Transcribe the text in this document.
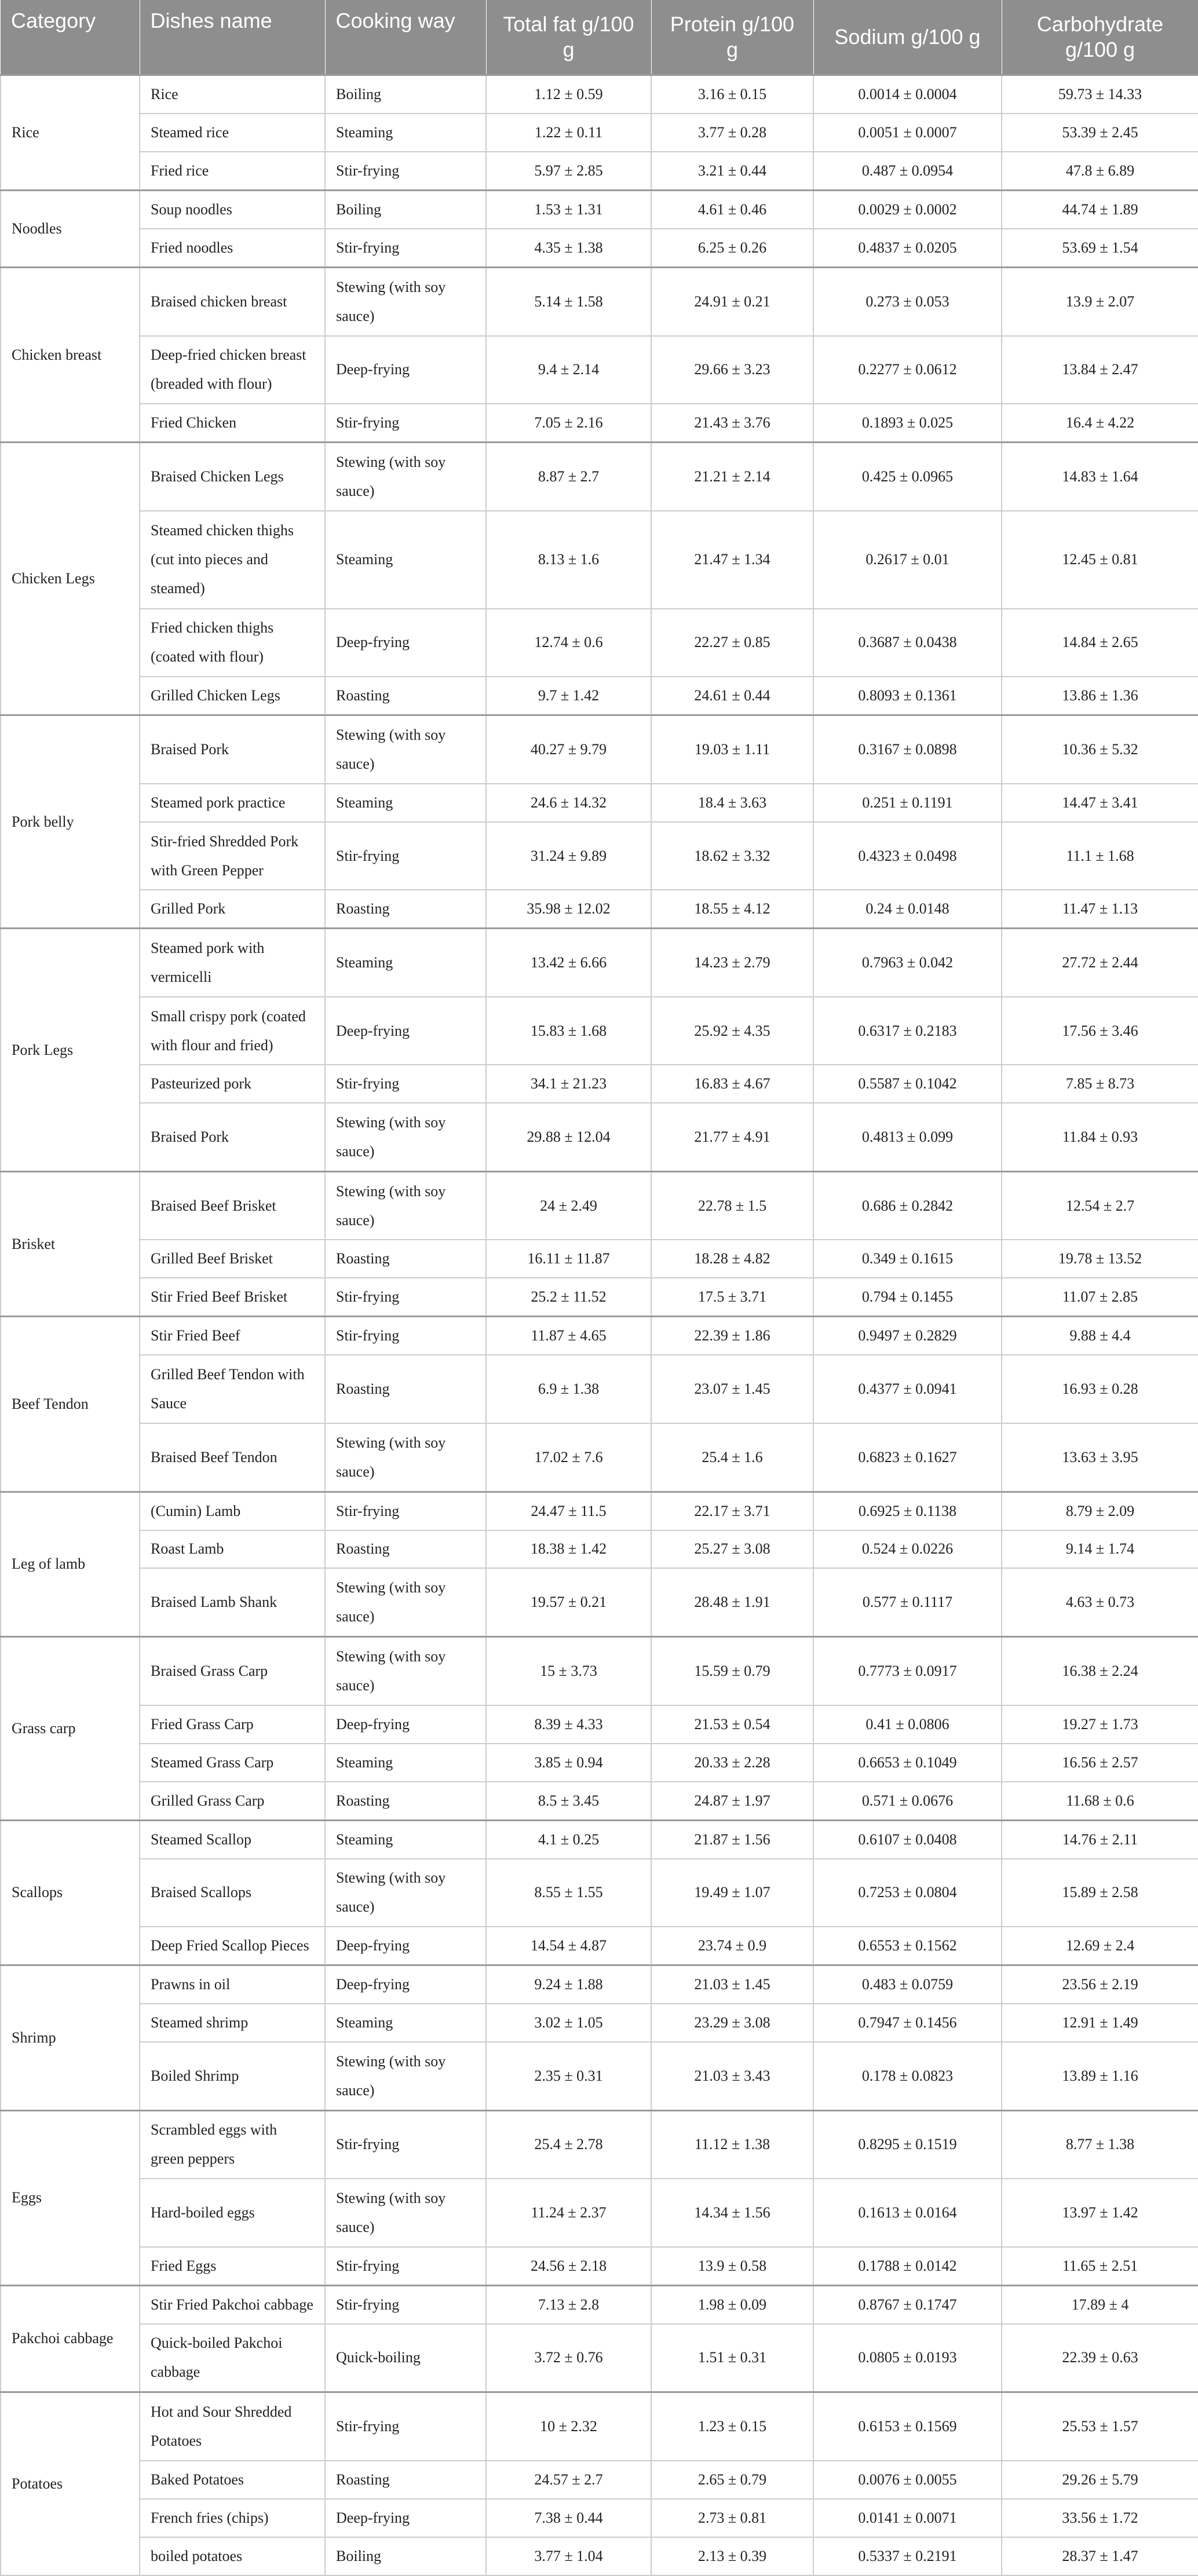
Category	Dishes name	Cooking way	Total fat g/100 g	Protein g/100 g	Sodium g/100 g	Carbohydrate g/100 g
Rice	Rice	Boiling	1.12 ± 0.59	3.16 ± 0.15	0.0014 ± 0.0004	59.73 ± 14.33
	Steamed rice	Steaming	1.22 ± 0.11	3.77 ± 0.28	0.0051 ± 0.0007	53.39 ± 2.45
	Fried rice	Stir-frying	5.97 ± 2.85	3.21 ± 0.44	0.487 ± 0.0954	47.8 ± 6.89
Noodles	Soup noodles	Boiling	1.53 ± 1.31	4.61 ± 0.46	0.0029 ± 0.0002	44.74 ± 1.89
	Fried noodles	Stir-frying	4.35 ± 1.38	6.25 ± 0.26	0.4837 ± 0.0205	53.69 ± 1.54
Chicken breast	Braised chicken breast	Stewing (with soy sauce)	5.14 ± 1.58	24.91 ± 0.21	0.273 ± 0.053	13.9 ± 2.07
	Deep-fried chicken breast (breaded with flour)	Deep-frying	9.4 ± 2.14	29.66 ± 3.23	0.2277 ± 0.0612	13.84 ± 2.47
	Fried Chicken	Stir-frying	7.05 ± 2.16	21.43 ± 3.76	0.1893 ± 0.025	16.4 ± 4.22
Chicken Legs	Braised Chicken Legs	Stewing (with soy sauce)	8.87 ± 2.7	21.21 ± 2.14	0.425 ± 0.0965	14.83 ± 1.64
	Steamed chicken thighs (cut into pieces and steamed)	Steaming	8.13 ± 1.6	21.47 ± 1.34	0.2617 ± 0.01	12.45 ± 0.81
	Fried chicken thighs (coated with flour)	Deep-frying	12.74 ± 0.6	22.27 ± 0.85	0.3687 ± 0.0438	14.84 ± 2.65
	Grilled Chicken Legs	Roasting	9.7 ± 1.42	24.61 ± 0.44	0.8093 ± 0.1361	13.86 ± 1.36
Pork belly	Braised Pork	Stewing (with soy sauce)	40.27 ± 9.79	19.03 ± 1.11	0.3167 ± 0.0898	10.36 ± 5.32
	Steamed pork practice	Steaming	24.6 ± 14.32	18.4 ± 3.63	0.251 ± 0.1191	14.47 ± 3.41
	Stir-fried Shredded Pork with Green Pepper	Stir-frying	31.24 ± 9.89	18.62 ± 3.32	0.4323 ± 0.0498	11.1 ± 1.68
	Grilled Pork	Roasting	35.98 ± 12.02	18.55 ± 4.12	0.24 ± 0.0148	11.47 ± 1.13
Pork Legs	Steamed pork with vermicelli	Steaming	13.42 ± 6.66	14.23 ± 2.79	0.7963 ± 0.042	27.72 ± 2.44
	Small crispy pork (coated with flour and fried)	Deep-frying	15.83 ± 1.68	25.92 ± 4.35	0.6317 ± 0.2183	17.56 ± 3.46
	Pasteurized pork	Stir-frying	34.1 ± 21.23	16.83 ± 4.67	0.5587 ± 0.1042	7.85 ± 8.73
	Braised Pork	Stewing (with soy sauce)	29.88 ± 12.04	21.77 ± 4.91	0.4813 ± 0.099	11.84 ± 0.93
Brisket	Braised Beef Brisket	Stewing (with soy sauce)	24 ± 2.49	22.78 ± 1.5	0.686 ± 0.2842	12.54 ± 2.7
	Grilled Beef Brisket	Roasting	16.11 ± 11.87	18.28 ± 4.82	0.349 ± 0.1615	19.78 ± 13.52
	Stir Fried Beef Brisket	Stir-frying	25.2 ± 11.52	17.5 ± 3.71	0.794 ± 0.1455	11.07 ± 2.85
Beef Tendon	Stir Fried Beef	Stir-frying	11.87 ± 4.65	22.39 ± 1.86	0.9497 ± 0.2829	9.88 ± 4.4
	Grilled Beef Tendon with Sauce	Roasting	6.9 ± 1.38	23.07 ± 1.45	0.4377 ± 0.0941	16.93 ± 0.28
	Braised Beef Tendon	Stewing (with soy sauce)	17.02 ± 7.6	25.4 ± 1.6	0.6823 ± 0.1627	13.63 ± 3.95
Leg of lamb	(Cumin) Lamb	Stir-frying	24.47 ± 11.5	22.17 ± 3.71	0.6925 ± 0.1138	8.79 ± 2.09
	Roast Lamb	Roasting	18.38 ± 1.42	25.27 ± 3.08	0.524 ± 0.0226	9.14 ± 1.74
	Braised Lamb Shank	Stewing (with soy sauce)	19.57 ± 0.21	28.48 ± 1.91	0.577 ± 0.1117	4.63 ± 0.73
Grass carp	Braised Grass Carp	Stewing (with soy sauce)	15 ± 3.73	15.59 ± 0.79	0.7773 ± 0.0917	16.38 ± 2.24
	Fried Grass Carp	Deep-frying	8.39 ± 4.33	21.53 ± 0.54	0.41 ± 0.0806	19.27 ± 1.73
	Steamed Grass Carp	Steaming	3.85 ± 0.94	20.33 ± 2.28	0.6653 ± 0.1049	16.56 ± 2.57
	Grilled Grass Carp	Roasting	8.5 ± 3.45	24.87 ± 1.97	0.571 ± 0.0676	11.68 ± 0.6
Scallops	Steamed Scallop	Steaming	4.1 ± 0.25	21.87 ± 1.56	0.6107 ± 0.0408	14.76 ± 2.11
	Braised Scallops	Stewing (with soy sauce)	8.55 ± 1.55	19.49 ± 1.07	0.7253 ± 0.0804	15.89 ± 2.58
	Deep Fried Scallop Pieces	Deep-frying	14.54 ± 4.87	23.74 ± 0.9	0.6553 ± 0.1562	12.69 ± 2.4
Shrimp	Prawns in oil	Deep-frying	9.24 ± 1.88	21.03 ± 1.45	0.483 ± 0.0759	23.56 ± 2.19
	Steamed shrimp	Steaming	3.02 ± 1.05	23.29 ± 3.08	0.7947 ± 0.1456	12.91 ± 1.49
	Boiled Shrimp	Stewing (with soy sauce)	2.35 ± 0.31	21.03 ± 3.43	0.178 ± 0.0823	13.89 ± 1.16
Eggs	Scrambled eggs with green peppers	Stir-frying	25.4 ± 2.78	11.12 ± 1.38	0.8295 ± 0.1519	8.77 ± 1.38
	Hard-boiled eggs	Stewing (with soy sauce)	11.24 ± 2.37	14.34 ± 1.56	0.1613 ± 0.0164	13.97 ± 1.42
	Fried Eggs	Stir-frying	24.56 ± 2.18	13.9 ± 0.58	0.1788 ± 0.0142	11.65 ± 2.51
Pakchoi cabbage	Stir Fried Pakchoi cabbage	Stir-frying	7.13 ± 2.8	1.98 ± 0.09	0.8767 ± 0.1747	17.89 ± 4
	Quick-boiled Pakchoi cabbage	Quick-boiling	3.72 ± 0.76	1.51 ± 0.31	0.0805 ± 0.0193	22.39 ± 0.63
Potatoes	Hot and Sour Shredded Potatoes	Stir-frying	10 ± 2.32	1.23 ± 0.15	0.6153 ± 0.1569	25.53 ± 1.57
	Baked Potatoes	Roasting	24.57 ± 2.7	2.65 ± 0.79	0.0076 ± 0.0055	29.26 ± 5.79
	French fries (chips)	Deep-frying	7.38 ± 0.44	2.73 ± 0.81	0.0141 ± 0.0071	33.56 ± 1.72
	boiled potatoes	Boiling	3.77 ± 1.04	2.13 ± 0.39	0.5337 ± 0.2191	28.37 ± 1.47
